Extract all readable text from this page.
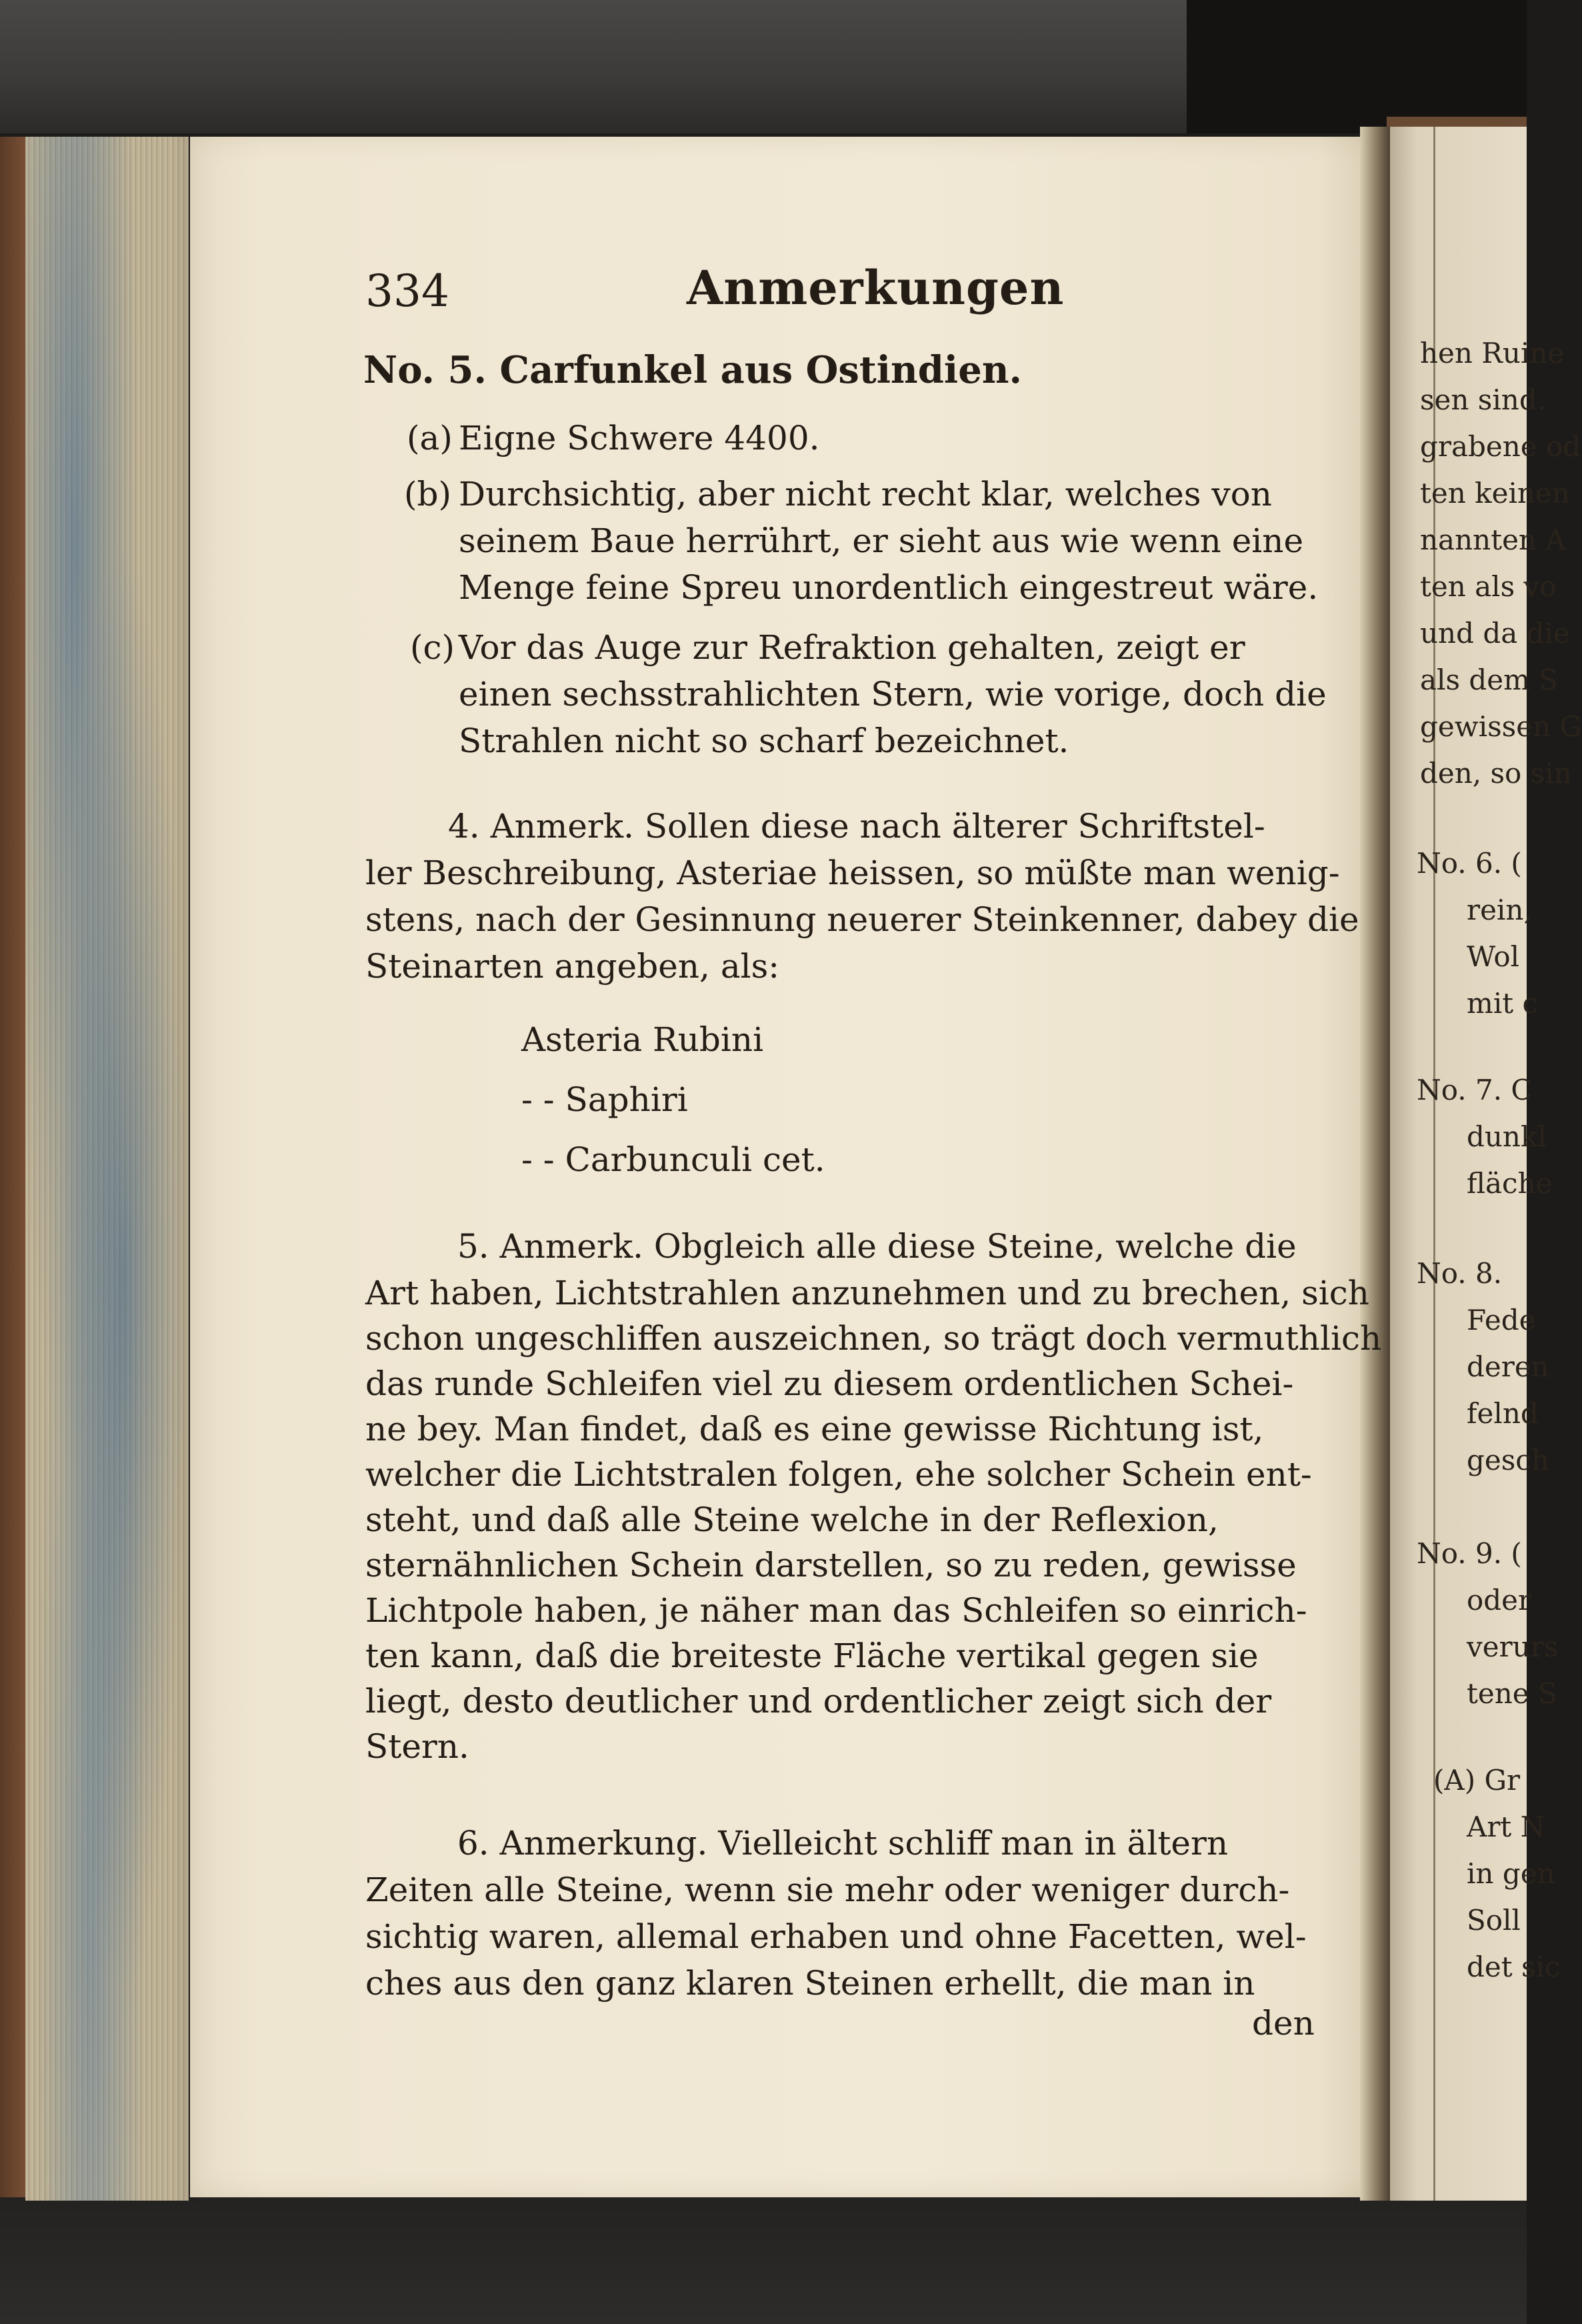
334	Anmerkungen
No. 5. Carfunkel aus Ostindien.
(a) Eigne Schwere 4400.
(b) Durchsichtig, aber nicht recht klar, welches von
seinem Baue herrührt, er sieht aus wie wenn eine
Menge feine Spreu unordentlich eingestreut wäre.
(c) Vor das Auge zur Refraktion gehalten, zeigt er
einen sechsstrahlichten Stern, wie vorige, doch die
Strahlen nicht so scharf bezeichnet.
4. Anmerk. Sollen diese nach älterer Schriftstel-
ler Beschreibung, Asteriae heissen, so müßte man wenig-
stens, nach der Gesinnung neuerer Steinkenner, dabey die
Steinarten angeben, als:
Asteria Rubini
- - Saphiri
- - Carbunculi cet.
5. Anmerk. Obgleich alle diese Steine, welche die
Art haben, Lichtstrahlen anzunehmen und zu brechen, sich
schon ungeschliffen auszeichnen, so trägt doch vermuthlich
das runde Schleifen viel zu diesem ordentlichen Schei-
ne bey. Man findet, daß es eine gewisse Richtung ist,
welcher die Lichtstralen folgen, ehe solcher Schein ent-
steht, und daß alle Steine welche in der Reflexion,
sternähnlichen Schein darstellen, so zu reden, gewisse
Lichtpole haben, je näher man das Schleifen so einrich-
ten kann, daß die breiteste Fläche vertikal gegen sie
liegt, desto deutlicher und ordentlicher zeigt sich der
Stern.
6. Anmerkung. Vielleicht schliff man in ältern
Zeiten alle Steine, wenn sie mehr oder weniger durch-
sichtig waren, allemal erhaben und ohne Facetten, wel-
ches aus den ganz klaren Steinen erhellt, die man in
den
hen Ruine
sen sind.
grabene od
ten keinen
nannten A
ten als vo
und da die
als dem S
gewissen G
den, so sin
No. 6. (
rein,
Wol
mit c
No. 7. C
dunkl
fläche
No. 8.
Fede
deren
felnd
gesch
No. 9. (
oder
verurs
tene S
(A) Gr
Art N
in gen
Soll
det sic
